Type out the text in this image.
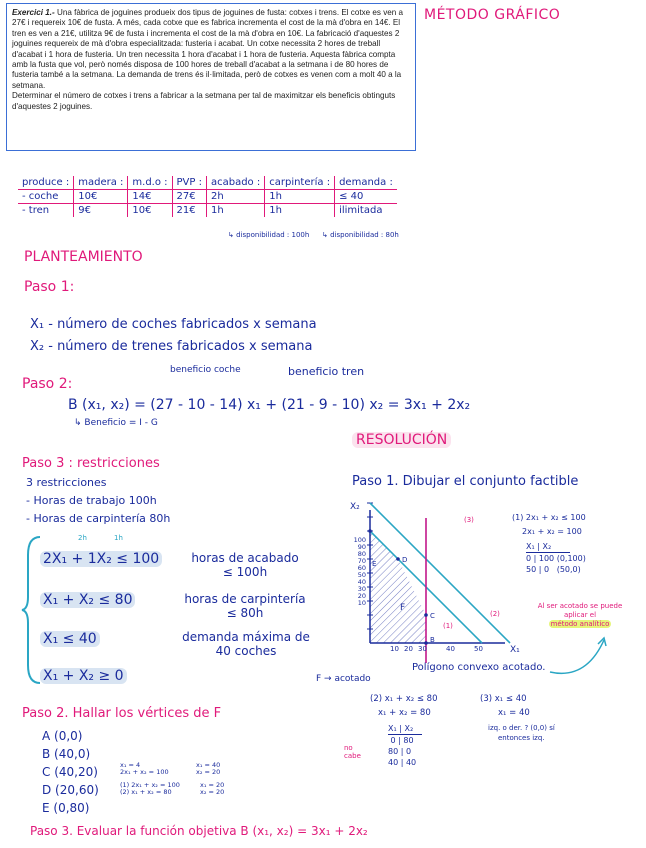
Exercici 1.- Una fàbrica de joguines produeix dos tipus de joguines de fusta: cotxes i trens. El cotxe es ven a 27€ i requereix 10€ de fusta. A més, cada cotxe que es fabrica incrementa el cost de la mà d'obra en 14€. El tren es ven a 21€, utilitza 9€ de fusta i incrementa el cost de la mà d'obra en 10€. La fabricació d'aquestes 2 joguines requereix de mà d'obra especialitzada: fusteria i acabat. Un cotxe necessita 2 hores de treball d'acabat i 1 hora de fusteria. Un tren necessita 1 hora d'acabat i 1 hora de fusteria. Aquesta fàbrica compta amb la fusta que vol, però només disposa de 100 hores de treball d'acabat a la setmana i de 80 hores de fusteria també a la setmana. La demanda de trens és il·limitada, però de cotxes es venen com a molt 40 a la setmana.
Determinar el número de cotxes i trens a fabricar a la setmana per tal de maximitzar els beneficis obtinguts d'aquestes 2 joguines.
MÉTODO GRÁFICO
produce :	madera :	m.d.o :	PVP :	acabado :	carpintería :	demanda :
- coche	10€	14€	27€	2h	1h	≤ 40
- tren	9€	10€	21€	1h	1h	ilimitada
↳ disponibilidad : 100h ↳ disponibilidad : 80h
PLANTEAMIENTO
Paso 1:
X₁ - número de coches fabricados x semana
X₂ - número de trenes fabricados x semana
Paso 2:
beneficio coche	beneficio tren
B (x₁, x₂) = (27 - 10 - 14) x₁ + (21 - 9 - 10) x₂ = 3x₁ + 2x₂
↳ Beneficio = I - G
Paso 3 : restricciones
3 restricciones
- Horas de trabajo 100h
- Horas de carpintería 80h
2h	1h
2X₁ + 1X₂ ≤ 100	horas de acabado ≤ 100h
X₁ + X₂ ≤ 80	horas de carpintería ≤ 80h
X₁ ≤ 40	demanda máxima de 40 coches
X₁ + X₂ ≥ 0
RESOLUCIÓN
Paso 1. Dibujar el conjunto factible
X₂
X₁
100
90
80
70
60
50
40
30
20
10
10 20 30	40	50
E	D
C
B
F
(3)
(2)
(1)
(1) 2x₁ + x₂ ≤ 100
2x₁ + x₂ = 100
X₁ | X₂
0 | 100 (0,100)
50 | 0 (50,0)
Al ser acotado se puede aplicar el
método analítico
Polígono convexo acotado.
F → acotado
(2) x₁ + x₂ ≤ 80
x₁ + x₂ = 80
X₁ | X₂
0 | 80
80 | 0
40 | 40
no cabe
(3) x₁ ≤ 40
x₁ = 40
izq. o der. ? (0,0) sí
entonces izq.
Paso 2. Hallar los vértices de F
A (0,0)
B (40,0)
C (40,20)
D (20,60)
E (0,80)
x₁ = 4
2x₁ + x₂ = 100
x₁ = 40
x₂ = 20
(1) 2x₁ + x₂ = 100
(2) x₁ + x₂ = 80
x₁ = 20
x₂ = 20
Paso 3. Evaluar la función objetiva B (x₁, x₂) = 3x₁ + 2x₂
